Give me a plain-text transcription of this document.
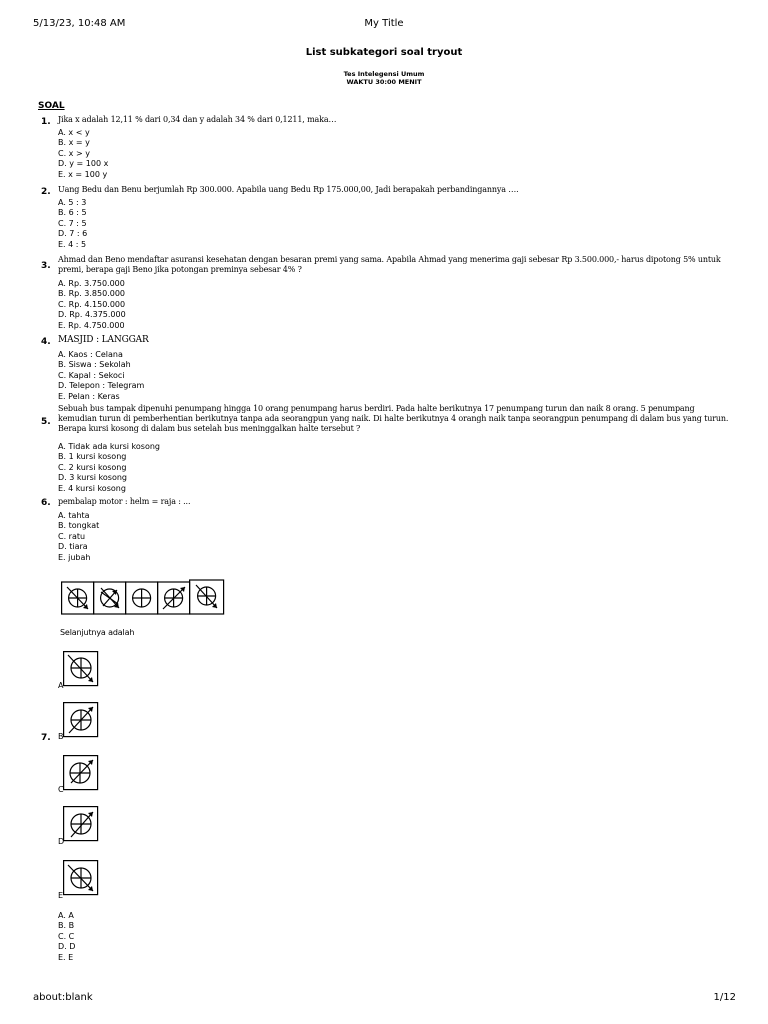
5/13/23, 10:48 AM	My Title
List subkategori soal tryout
Tes Intelegensi Umum
WAKTU 30:00 MENIT
SOAL
1. Jika x adalah 12,11 % dari 0,34 dan y adalah 34 % dari 0,1211, maka…
A. x < y
B. x = y
C. x > y
D. y = 100 x
E. x = 100 y
2. Uang Bedu dan Benu berjumlah Rp 300.000. Apabila uang Bedu Rp 175.000,00, Jadi berapakah perbandingannya ….
A. 5 : 3
B. 6 : 5
C. 7 : 5
D. 7 : 6
E. 4 : 5
3.
Ahmad dan Beno mendaftar asuransi kesehatan dengan besaran premi yang sama. Apabila Ahmad yang menerima gaji sebesar Rp 3.500.000,- harus dipotong 5% untuk premi, berapa gaji Beno jika potongan preminya sebesar 4% ?
A. Rp. 3.750.000
B. Rp. 3.850.000
C. Rp. 4.150.000
D. Rp. 4.375.000
E. Rp. 4.750.000
4. MASJID : LANGGAR
A. Kaos : Celana
B. Siswa : Sekolah
C. Kapal : Sekoci
D. Telepon : Telegram
E. Pelan : Keras
5.
Sebuah bus tampak dipenuhi penumpang hingga 10 orang penumpang harus berdiri. Pada halte berikutnya 17 penumpang turun dan naik 8 orang. 5 penumpang kemudian turun di pemberhentian berikutnya tanpa ada seorangpun yang naik. Di halte berikutnya 4 orangh naik tanpa seorangpun penumpang di dalam bus yang turun. Berapa kursi kosong di dalam bus setelah bus meninggalkan halte tersebut ?
A. Tidak ada kursi kosong
B. 1 kursi kosong
C. 2 kursi kosong
D. 3 kursi kosong
E. 4 kursi kosong
6. pembalap motor : helm = raja : ...
A. tahta
B. tongkat
C. ratu
D. tiara
E. jubah
Selanjutnya adalah
7.
A
B
C
D
E
A. A
B. B
C. C
D. D
E. E
about:blank	1/12
